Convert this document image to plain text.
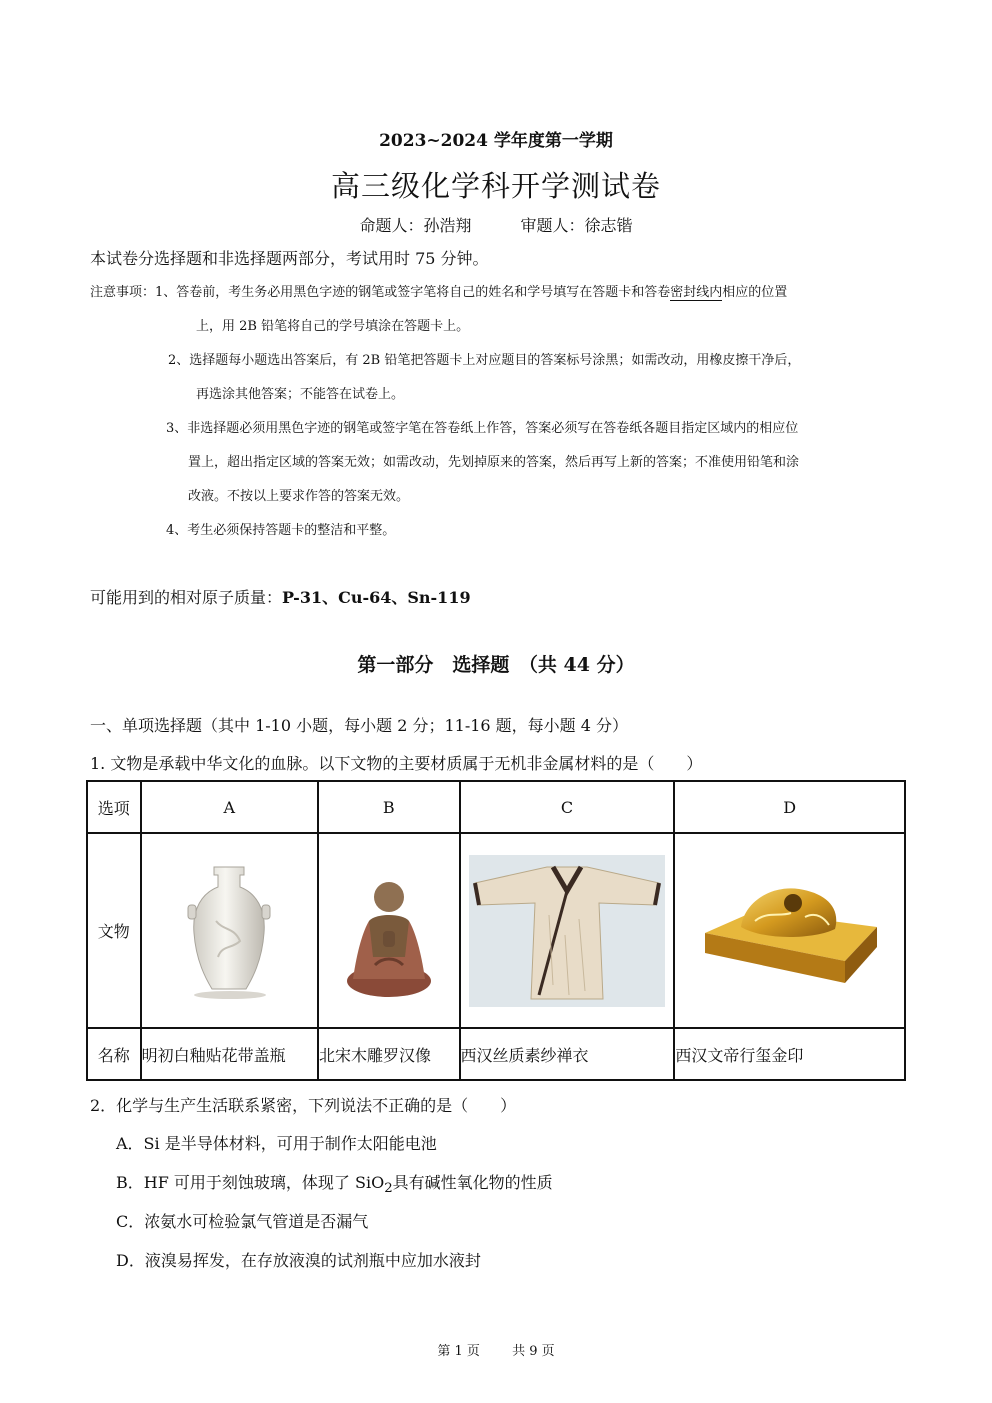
2023~2024 学年度第一学期
高三级化学科开学测试卷
命题人：孙浩翔	审题人：徐志锴
本试卷分选择题和非选择题两部分，考试用时 75 分钟。
注意事项：1、答卷前，考生务必用黑色字迹的钢笔或签字笔将自己的姓名和学号填写在答题卡和答卷密封线内相应的位置
上，用 2B 铅笔将自己的学号填涂在答题卡上。
2、选择题每小题选出答案后，有 2B 铅笔把答题卡上对应题目的答案标号涂黑；如需改动，用橡皮擦干净后，
再选涂其他答案；不能答在试卷上。
3、非选择题必须用黑色字迹的钢笔或签字笔在答卷纸上作答，答案必须写在答卷纸各题目指定区域内的相应位
置上，超出指定区域的答案无效；如需改动，先划掉原来的答案，然后再写上新的答案；不准使用铅笔和涂
改液。不按以上要求作答的答案无效。
4、考生必须保持答题卡的整洁和平整。
可能用到的相对原子质量：P-31、Cu-64、Sn-119
第一部分　选择题　（共 44 分）
一、单项选择题（其中 1-10 小题，每小题 2 分；11-16 题，每小题 4 分）
1. 文物是承载中华文化的血脉。以下文物的主要材质属于无机非金属材料的是（　　）
选项	A	B	C	D
文物	

名称	明初白釉贴花带盖瓶	北宋木雕罗汉像	西汉丝质素纱禅衣	西汉文帝行玺金印
2．化学与生产生活联系紧密，下列说法不正确的是（　　）
A．Si 是半导体材料，可用于制作太阳能电池
B．HF 可用于刻蚀玻璃，体现了 SiO$_2$具有碱性氧化物的性质
C．浓氨水可检验氯气管道是否漏气
D．液溴易挥发，在存放液溴的试剂瓶中应加水液封
第 1 页 共 9 页
